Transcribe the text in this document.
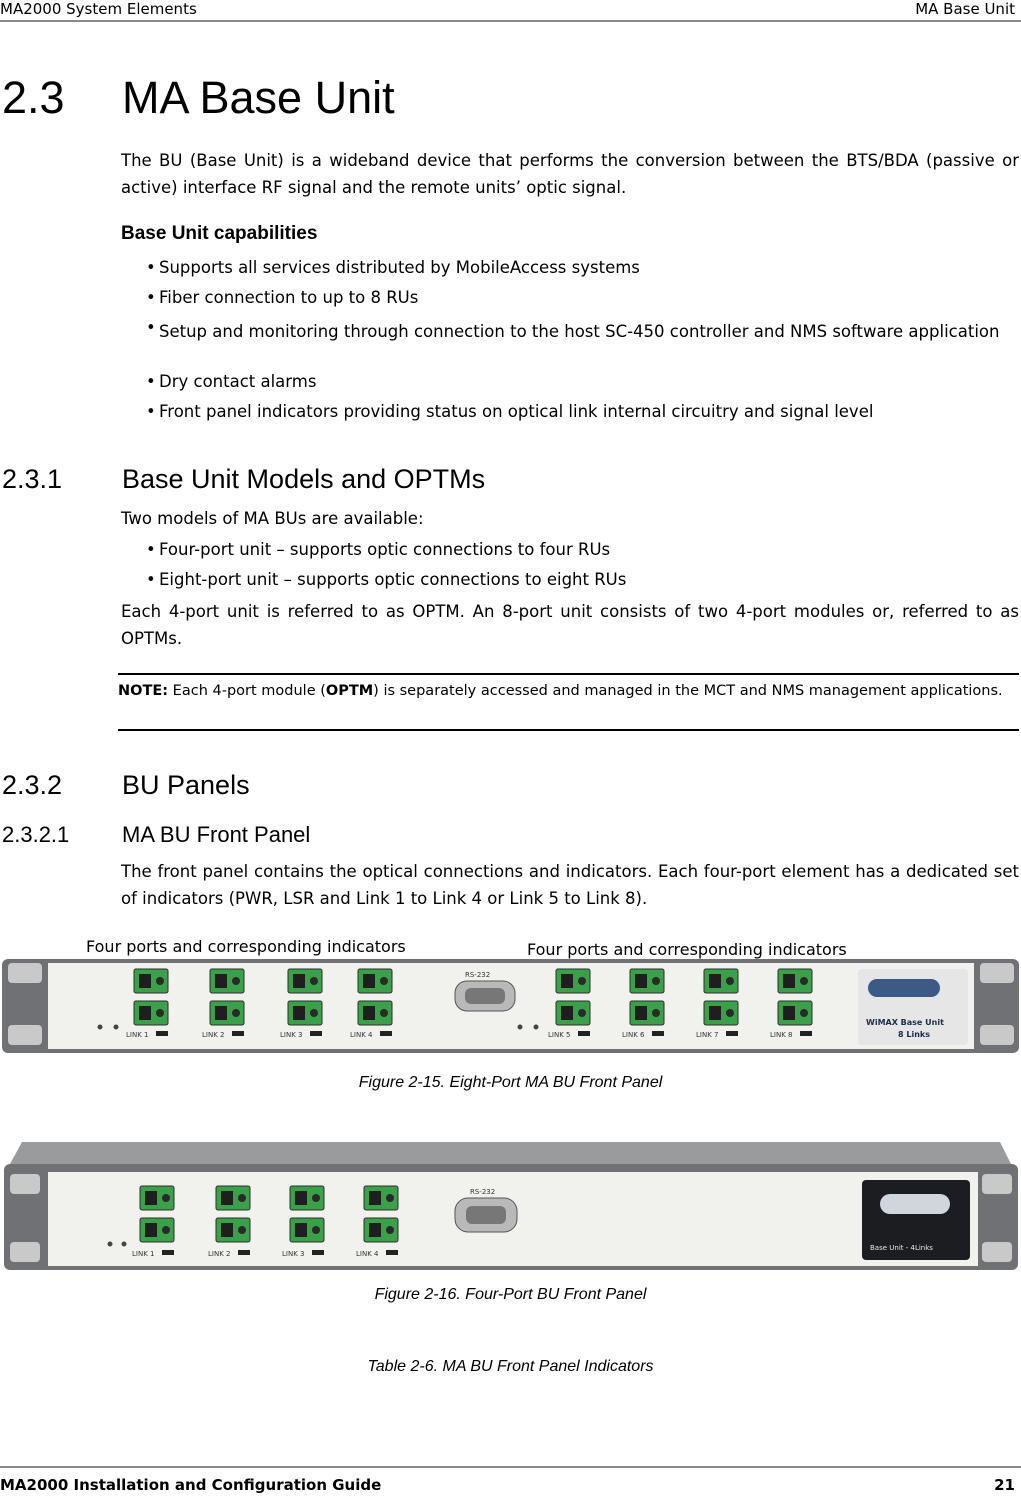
MA2000 System Elements	MA Base Unit
2.3 MA Base Unit
The BU (Base Unit) is a wideband device that performs the conversion between the BTS/BDA (passive or active) interface RF signal and the remote units’ optic signal.
Base Unit capabilities
• Supports all services distributed by MobileAccess systems
• Fiber connection to up to 8 RUs
• Setup and monitoring through connection to the host SC-450 controller and NMS software application
• Dry contact alarms
• Front panel indicators providing status on optical link internal circuitry and signal level
2.3.1 Base Unit Models and OPTMs
Two models of MA BUs are available:
• Four-port unit – supports optic connections to four RUs
• Eight-port unit – supports optic connections to eight RUs
Each 4-port unit is referred to as OPTM. An 8-port unit consists of two 4-port modules or, referred to as OPTMs.

NOTE: Each 4-port module (OPTM) is separately accessed and managed in the MCT and NMS management applications.

2.3.2 BU Panels
2.3.2.1 MA BU Front Panel
The front panel contains the optical connections and indicators. Each four-port element has a dedicated set of indicators (PWR, LSR and Link 1 to Link 4 or Link 5 to Link 8).
Four ports and corresponding indicators	Four ports and corresponding indicators
LINK 1	LINK 2	LINK 3	LINK 4	LINK 5	LINK 6	LINK 7	LINK 8
RS-232
WiMAX Base Unit
8 Links
Figure 2-15. Eight-Port MA BU Front Panel
LINK 1	LINK 2	LINK 3	LINK 4
RS-232
Base Unit - 4Links
Figure 2-16. Four-Port BU Front Panel
Table 2-6. MA BU Front Panel Indicators
MA2000 Installation and Configuration Guide	21
